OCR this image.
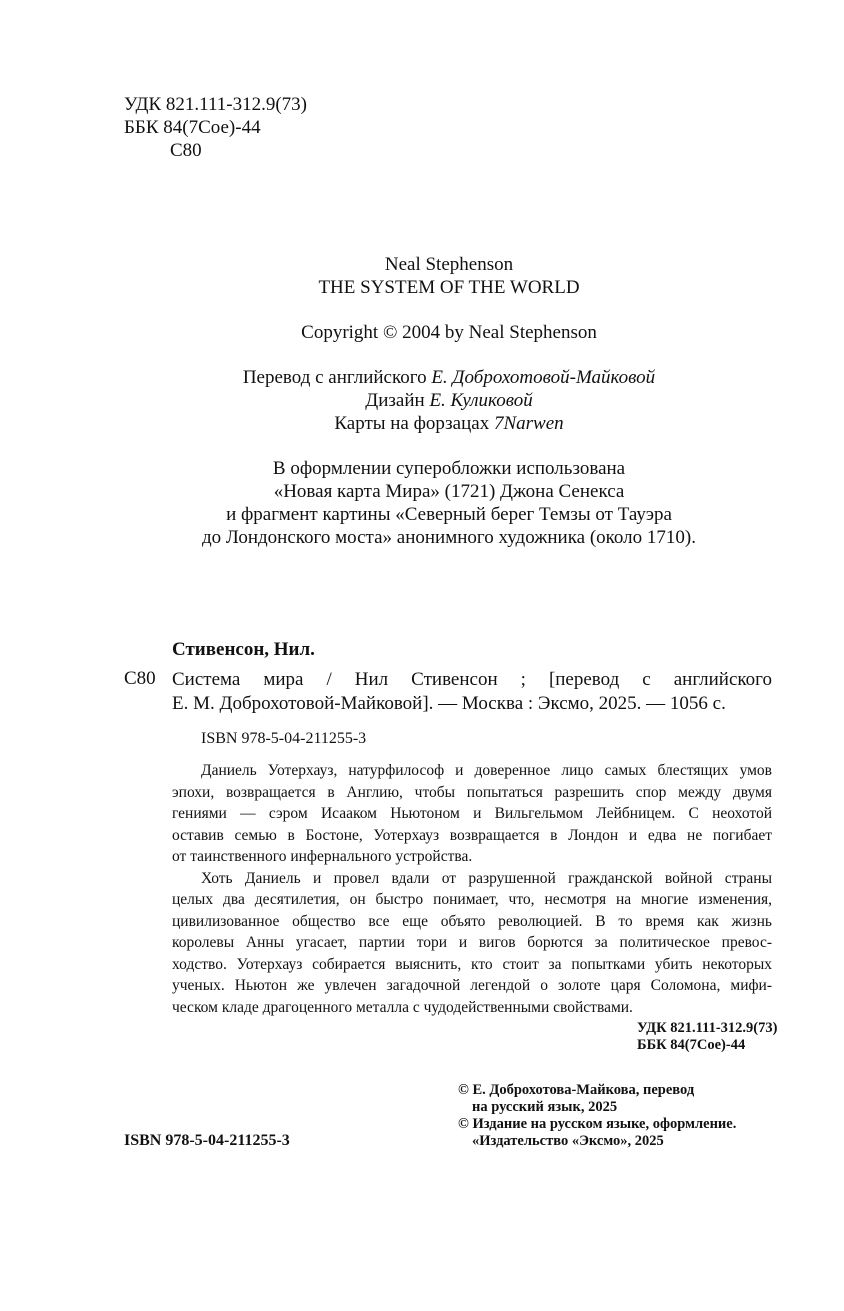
УДК 821.111-312.9(73)
ББК 84(7Сое)-44
С80
Neal Stephenson
THE SYSTEM OF THE WORLD
Copyright © 2004 by Neal Stephenson
Перевод с английского Е. Доброхотовой-Майковой
Дизайн Е. Куликовой
Карты на форзацах 7Narwen
В оформлении суперобложки использована
«Новая карта Мира» (1721) Джона Сенекса
и фрагмент картины «Северный берег Темзы от Тауэра
до Лондонского моста» анонимного художника (около 1710).
Стивенсон, Нил.
С80 Система мира / Нил Стивенсон ; [перевод с английского
Е. М. Доброхотовой-Майковой]. — Москва : Эксмо, 2025. — 1056 с.
ISBN 978-5-04-211255-3
Даниель Уотерхауз, натурфилософ и доверенное лицо самых блестящих умов
эпохи, возвращается в Англию, чтобы попытаться разрешить спор между двумя
гениями — сэром Исааком Ньютоном и Вильгельмом Лейбницем. С неохотой
оставив семью в Бостоне, Уотерхауз возвращается в Лондон и едва не погибает
от таинственного инфернального устройства.
Хоть Даниель и провел вдали от разрушенной гражданской войной страны
целых два десятилетия, он быстро понимает, что, несмотря на многие изменения,
цивилизованное общество все еще объято революцией. В то время как жизнь
королевы Анны угасает, партии тори и вигов борются за политическое превос-
ходство. Уотерхауз собирается выяснить, кто стоит за попытками убить некоторых
ученых. Ньютон же увлечен загадочной легендой о золоте царя Соломона, мифи-
ческом кладе драгоценного металла с чудодейственными свойствами.
УДК 821.111-312.9(73)
ББК 84(7Сое)-44
© Е. Доброхотова-Майкова, перевод
на русский язык, 2025
© Издание на русском языке, оформление.
«Издательство «Эксмо», 2025
ISBN 978-5-04-211255-3
